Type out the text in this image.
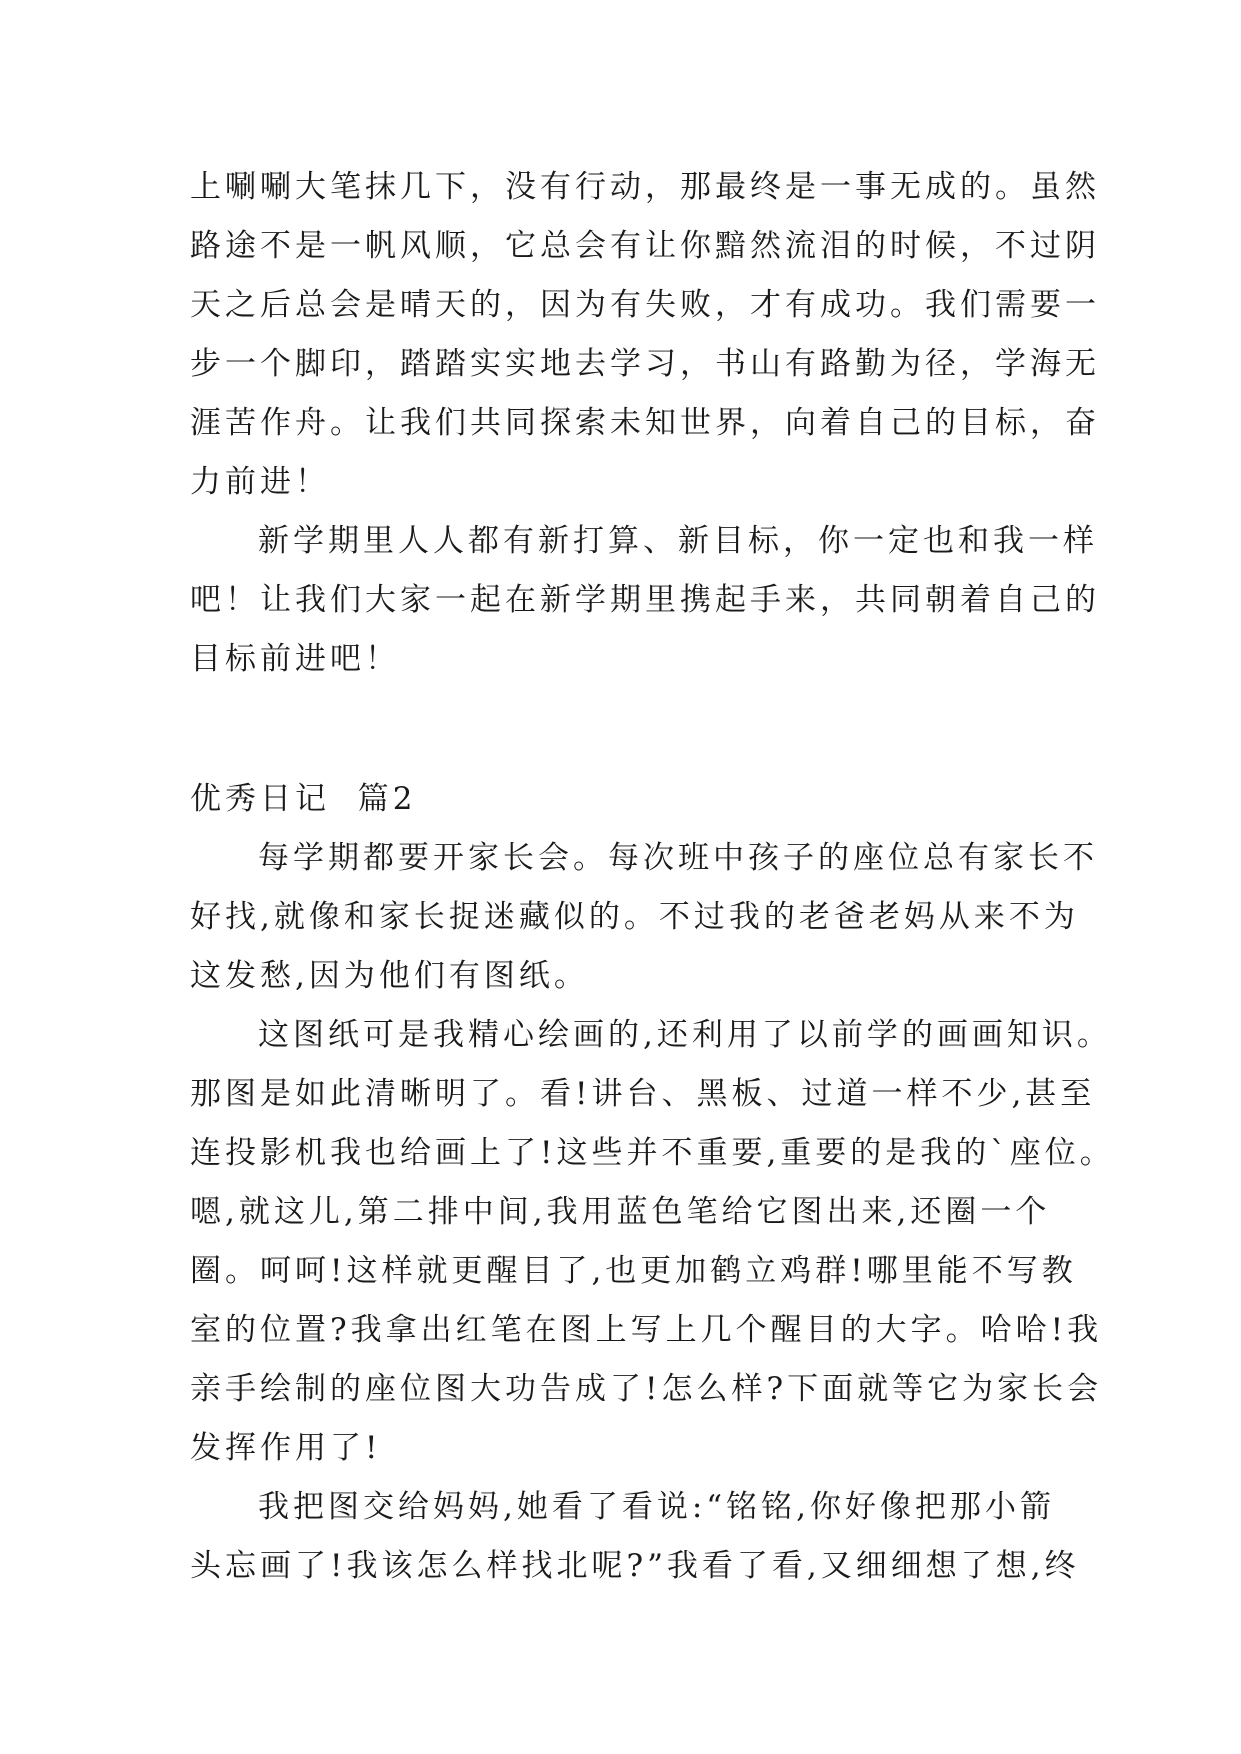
上唰唰大笔抹几下，没有行动，那最终是一事无成的。虽然
路途不是一帆风顺，它总会有让你黯然流泪的时候，不过阴
天之后总会是晴天的，因为有失败，才有成功。我们需要一
步一个脚印，踏踏实实地去学习，书山有路勤为径，学海无
涯苦作舟。让我们共同探索未知世界，向着自己的目标，奋
力前进！
新学期里人人都有新打算、新目标，你一定也和我一样
吧！让我们大家一起在新学期里携起手来，共同朝着自己的
目标前进吧！
优秀日记  篇2
每学期都要开家长会。每次班中孩子的座位总有家长不
好找,就像和家长捉迷藏似的。不过我的老爸老妈从来不为
这发愁,因为他们有图纸。
这图纸可是我精心绘画的,还利用了以前学的画画知识。
那图是如此清晰明了。看!讲台、黑板、过道一样不少,甚至
连投影机我也给画上了!这些并不重要,重要的是我的`座位。
嗯,就这儿,第二排中间,我用蓝色笔给它图出来,还圈一个
圈。呵呵!这样就更醒目了,也更加鹤立鸡群!哪里能不写教
室的位置?我拿出红笔在图上写上几个醒目的大字。哈哈!我
亲手绘制的座位图大功告成了!怎么样?下面就等它为家长会
发挥作用了!
我把图交给妈妈,她看了看说:“铭铭,你好像把那小箭
头忘画了!我该怎么样找北呢?”我看了看,又细细想了想,终
